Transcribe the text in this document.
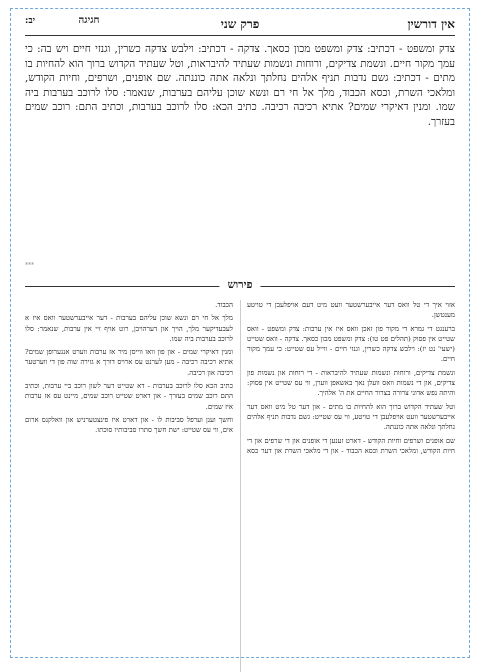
אין דורשין
פרק שני
חגיגה יב:
צדק ומשפט - דכתיב: צדק ומשפט מכון כסאך. צדקה - דכתיב: וילבש צדקה כשרין, וגנזי חיים ויש בה: כי עמך מקור חיים. ונשמת צדיקים, ורוחות ונשמות שעתיד להיבראות, וטל שעתיד הקדוש ברוך הוא להחיות בו מתים - דכתיב: גשם נדבות תניף אלהים נחלתך ונלאה אתה כוננתה. שם אופנים, ושרפים, וחיות הקודש, ומלאכי השרת, וכסא הכבוד, מלך אל חי רם ונשא שוכן עליהם בערבות, שנאמר: סלו לרוכב בערבות ביה שמו. ומנין דאיקרי שמים? אתיא רכיבה רכיבה. כתיב הכא: סלו לרוכב בערבות, וכתיב התם: רוכב שמים בעזרך.
***
פירוש

אזוי איך די טל וואס דער אייבערשטער וועט מיט דעם אויפלעבן די טויטע מענטשן.

ברענגט די גמרא די מקור פון זאכן וואס איז אין ערבות: צדק ומשפט - וואס שטייט אין פסוק (תהלים פט טו): צדק ומשפט מכון כסאך. צדקה - וואס שטייט (ישעי' נט יז): וילבש צדקה כשרין, וגנזי חיים - ווייל עס שטייט: כי עמך מקור חיים.

ונשמת צדיקים, ורוחות ונשמות שעתיד להיבראות - די רוחות און נשמות פון צדיקים, און די נשמות וואס וועלן נאך באשאפן ווערן, ווי עס שטייט אין פסוק: והיתה נפש אדוני צרורה בצרור החיים את ה' אלהיך.

וטל שעתיד הקדוש ברוך הוא להחיות בו מתים - און דער טל מיט וואס דער אייבערשטער וועט אויפלעבן די טויטע, ווי עס שטייט: גשם נדבות תניף אלהים נחלתך ונלאה אתה כוננתה.

שם אופנים ושרפים וחיות הקודש - דארט זענען די אופנים און די שרפים און די חיות הקודש, ומלאכי השרת וכסא הכבוד - און די מלאכי השרת און דער כסא הכבוד.

מלך אל חי רם ונשא שוכן עליהם בערבות - דער אייבערשטער וואס איז א לעבעדיקער מלך, הויך און דערהויבן, רוט אויף זיי אין ערבות, שנאמר: סלו לרוכב בערבות ביה שמו.

ומנין דאיקרי שמים - און פון וואו ווייסן מיר אז ערבות ווערט אנגערופן שמים? אתיא רכיבה רכיבה - מען לערנט עס ארויס דורך א גזירה שוה פון די ווערטער רכיבה און רכיבה.

כתיב הכא סלו לרוכב בערבות - דא שטייט דער לשון רוכב ביי ערבות, וכתיב התם רוכב שמים בעזרך - און דארט שטייט רוכב שמים, מיינט עס אז ערבות איז שמים.

וחשך וענן וערפל סביבות לו - און דארט איז פינצטערניש און וואלקנס ארום אים, ווי עס שטייט: ישת חשך סתרו סביבותיו סוכתו.
